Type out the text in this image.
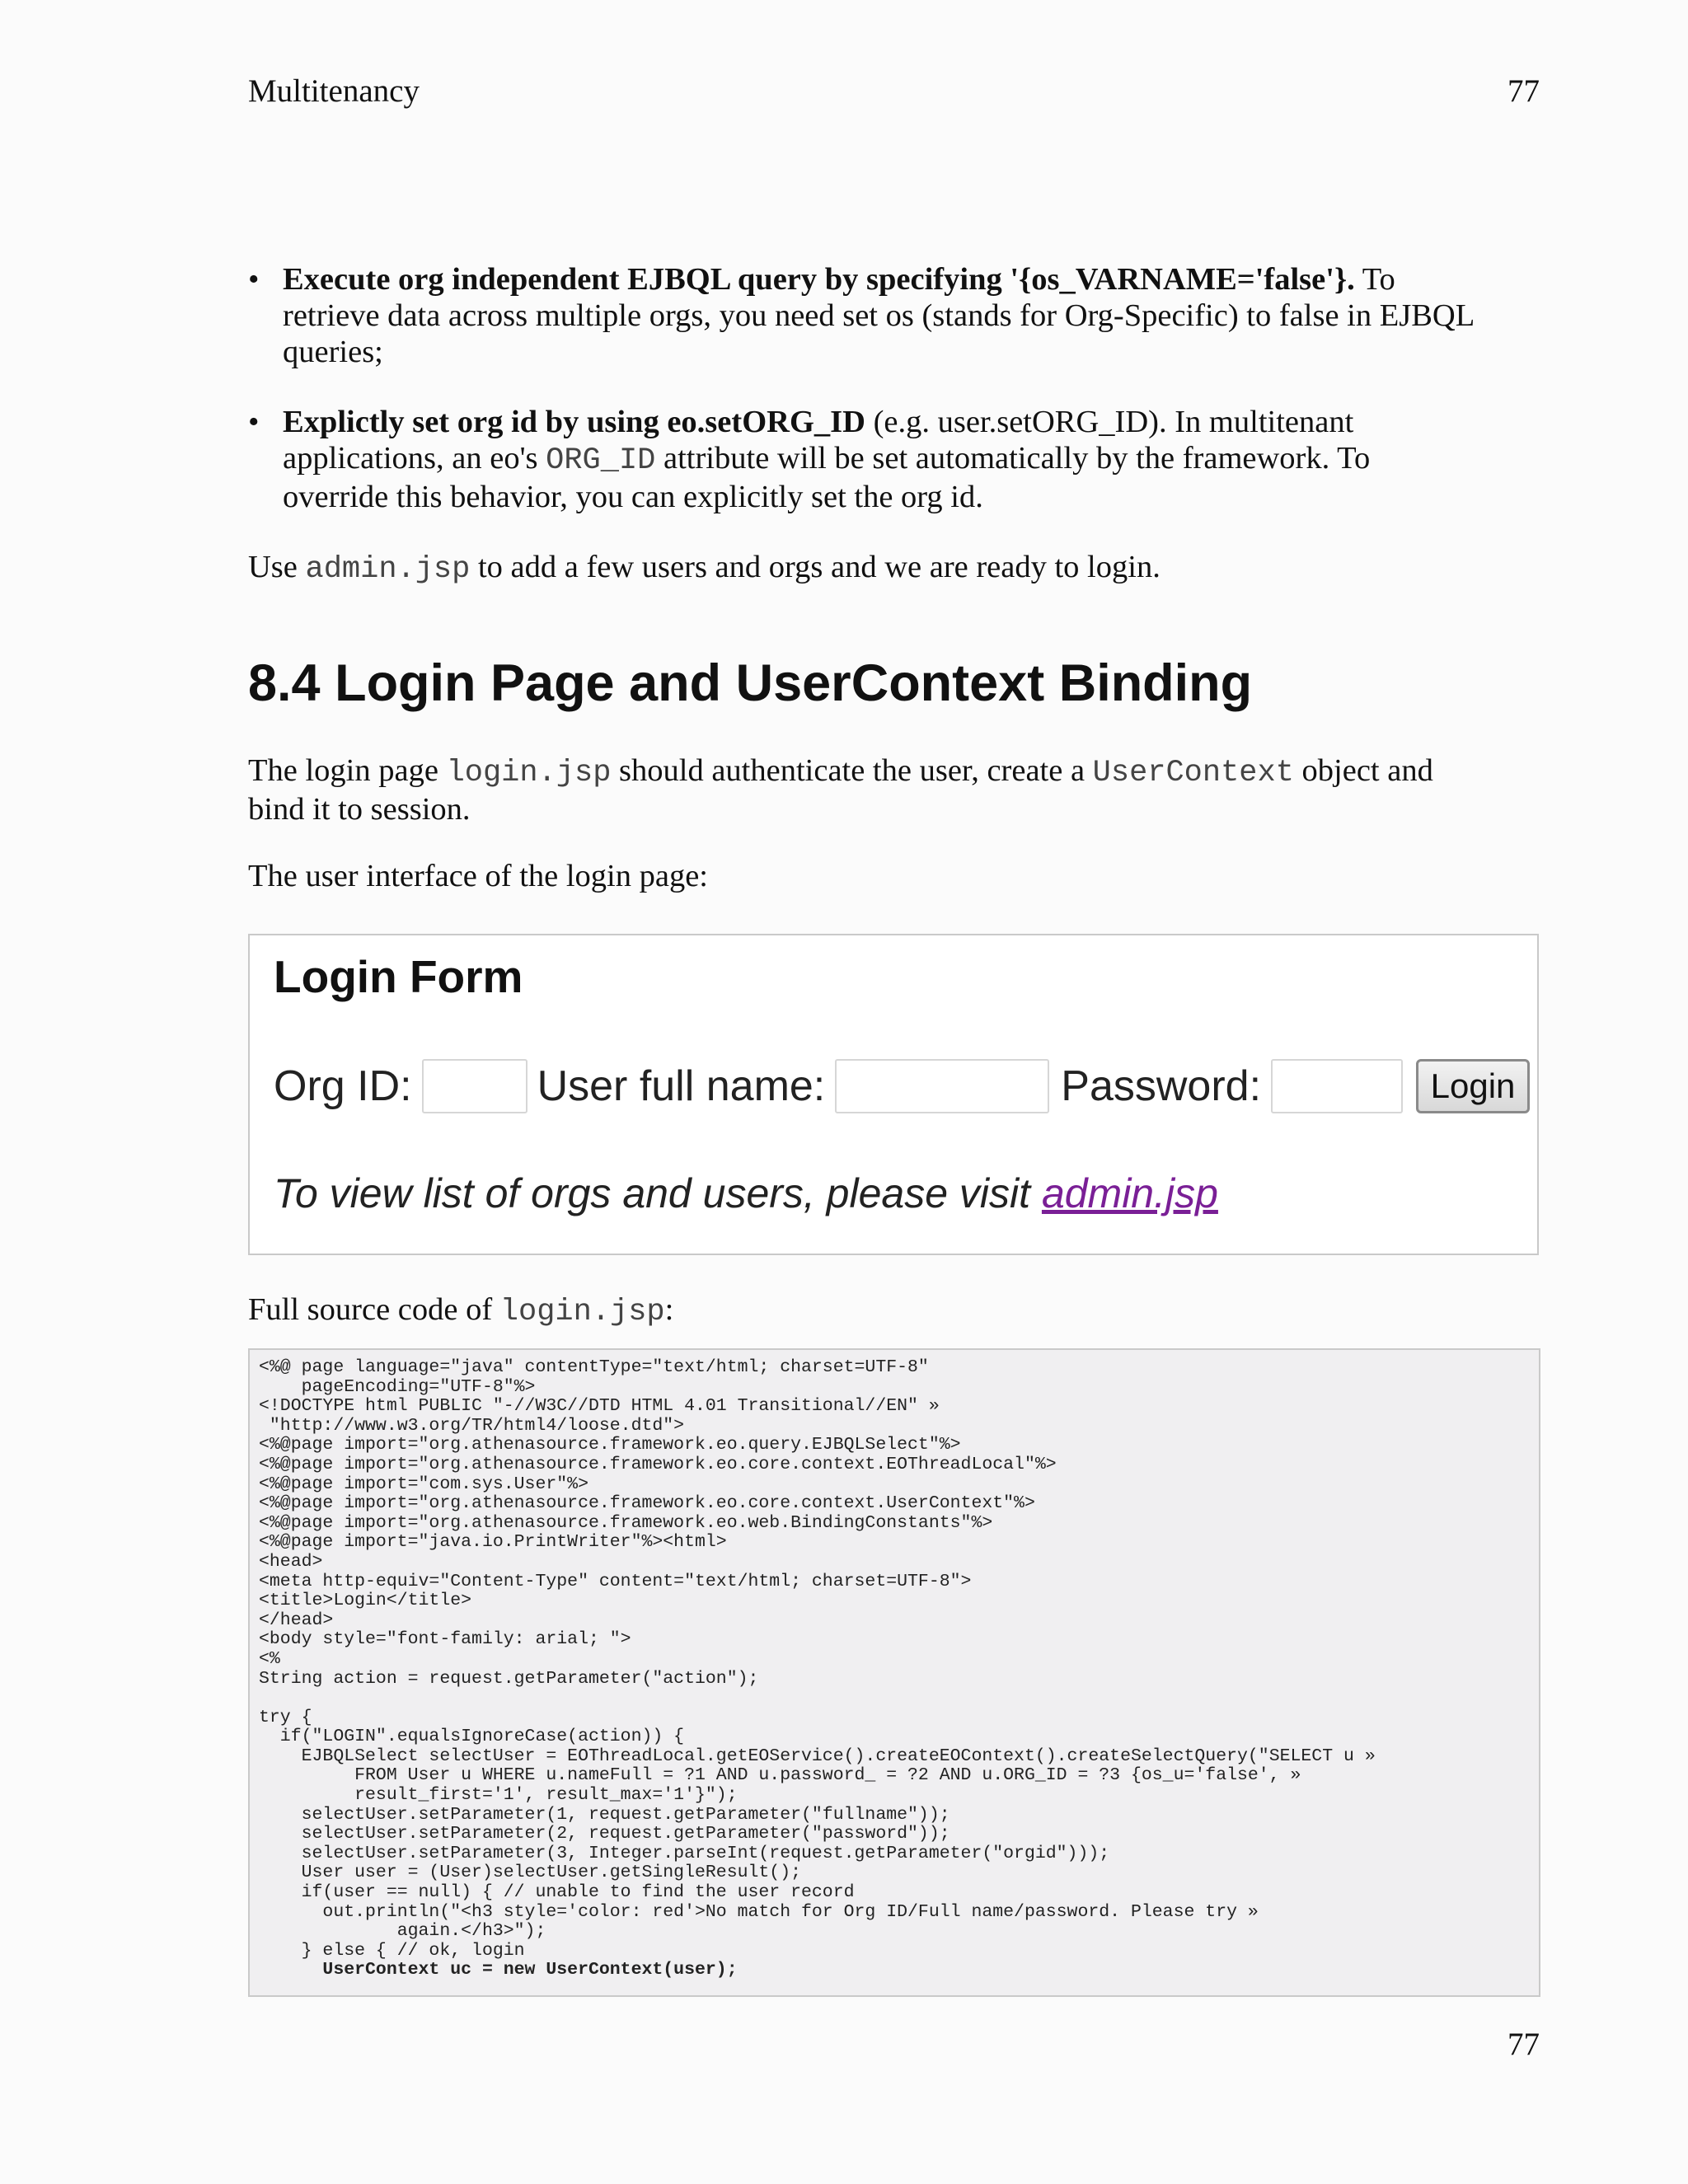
Multitenancy	77
• Execute org independent EJBQL query by specifying '{os_VARNAME='false'}. To
retrieve data across multiple orgs, you need set os (stands for Org-Specific) to false in EJBQL
queries;
• Explictly set org id by using eo.setORG_ID (e.g. user.setORG_ID). In multitenant
applications, an eo's ORG_ID attribute will be set automatically by the framework. To
override this behavior, you can explicitly set the org id.
Use admin.jsp to add a few users and orgs and we are ready to login.
8.4 Login Page and UserContext Binding
The login page login.jsp should authenticate the user, create a UserContext object and
bind it to session.
The user interface of the login page:
Login Form
Org ID:	User full name:	Password:	Login
To view list of orgs and users, please visit admin.jsp
Full source code of login.jsp:
<%@ page language="java" contentType="text/html; charset=UTF-8"
pageEncoding="UTF-8"%>
<!DOCTYPE html PUBLIC "-//W3C//DTD HTML 4.01 Transitional//EN" »
"http://www.w3.org/TR/html4/loose.dtd">
<%@page import="org.athenasource.framework.eo.query.EJBQLSelect"%>
<%@page import="org.athenasource.framework.eo.core.context.EOThreadLocal"%>
<%@page import="com.sys.User"%>
<%@page import="org.athenasource.framework.eo.core.context.UserContext"%>
<%@page import="org.athenasource.framework.eo.web.BindingConstants"%>
<%@page import="java.io.PrintWriter"%><html>
<head>
<meta http-equiv="Content-Type" content="text/html; charset=UTF-8">
<title>Login</title>
</head>
<body style="font-family: arial; ">
<%
String action = request.getParameter("action");
try {
if("LOGIN".equalsIgnoreCase(action)) {
EJBQLSelect selectUser = EOThreadLocal.getEOService().createEOContext().createSelectQuery("SELECT u »
FROM User u WHERE u.nameFull = ?1 AND u.password_ = ?2 AND u.ORG_ID = ?3 {os_u='false', »
result_first='1', result_max='1'}");
selectUser.setParameter(1, request.getParameter("fullname"));
selectUser.setParameter(2, request.getParameter("password"));
selectUser.setParameter(3, Integer.parseInt(request.getParameter("orgid")));
User user = (User)selectUser.getSingleResult();
if(user == null) { // unable to find the user record
out.println("<h3 style='color: red'>No match for Org ID/Full name/password. Please try »
again.</h3>");
} else { // ok, login
UserContext uc = new UserContext(user);
77
